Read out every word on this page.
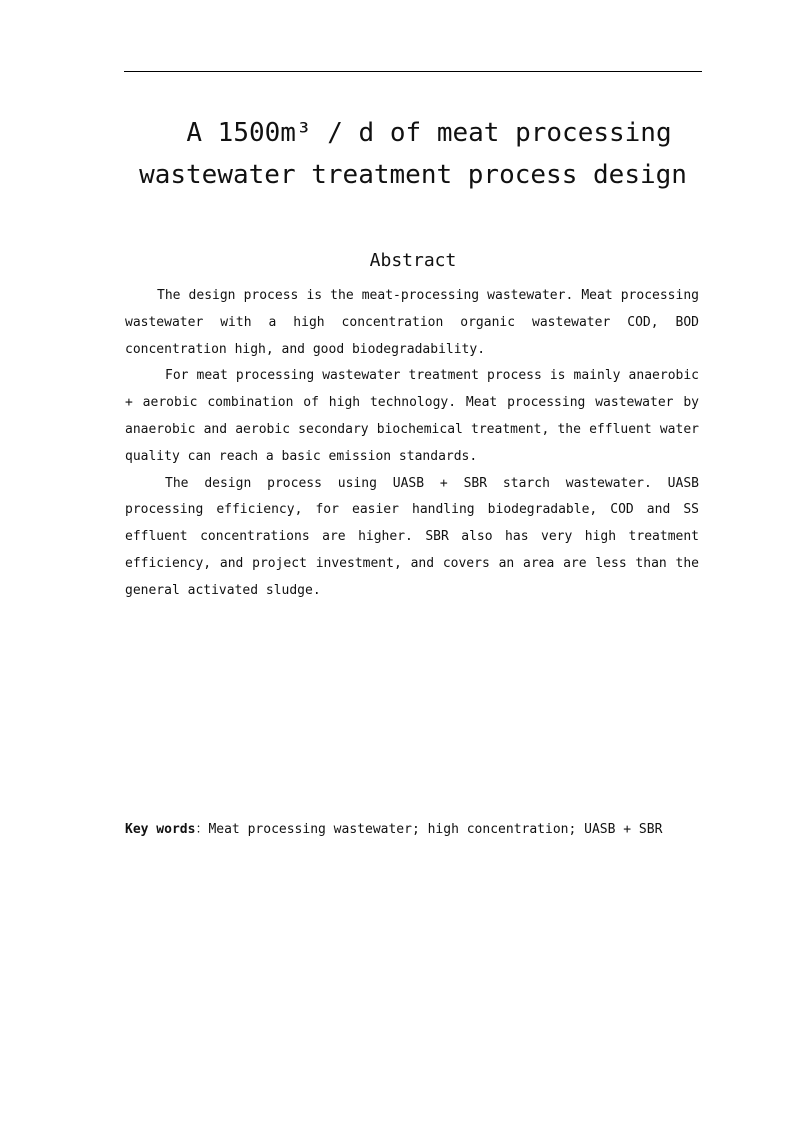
A 1500m³ / d of meat processing
wastewater treatment process design
Abstract

The design process is the meat-processing wastewater. Meat processing wastewater with a high concentration organic wastewater COD, BOD concentration high, and good biodegradability.

For meat processing wastewater treatment process is mainly anaerobic + aerobic combination of high technology. Meat processing wastewater by anaerobic and aerobic secondary biochemical treatment, the effluent water quality can reach a basic emission standards.

The design process using UASB + SBR starch wastewater. UASB processing efficiency, for easier handling biodegradable, COD and SS effluent concentrations are higher. SBR also has very high treatment efficiency, and project investment, and covers an area are less than the general activated sludge.

Key words：Meat processing wastewater; high concentration; UASB + SBR
